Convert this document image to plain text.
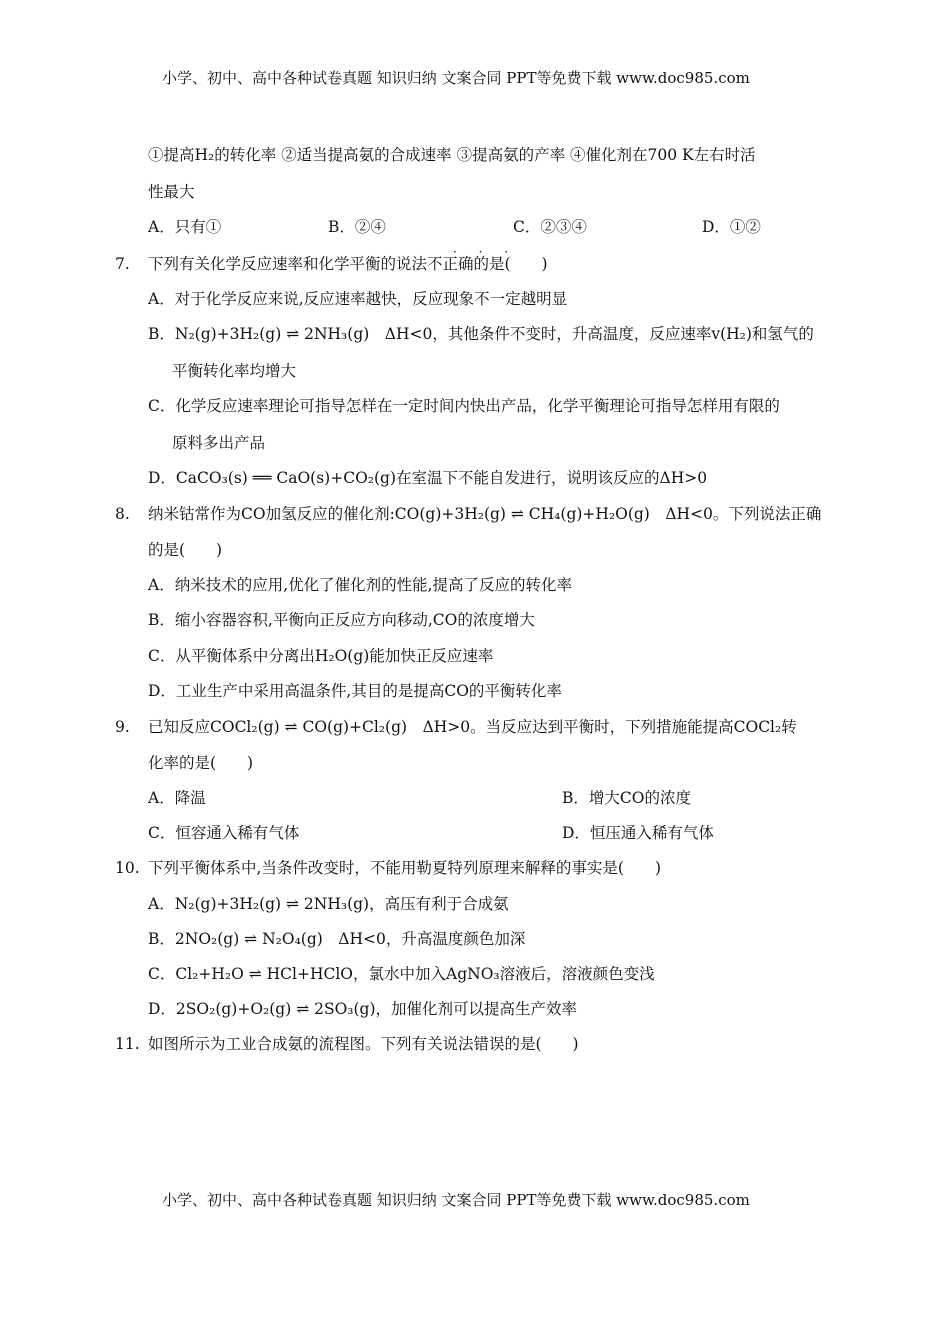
小学、初中、高中各种试卷真题 知识归纳 文案合同 PPT等免费下载 www.doc985.com
①提高H₂的转化率 ②适当提高氨的合成速率 ③提高氨的产率 ④催化剂在700 K左右时活
性最大
A．只有①	B．②④	C．②③④	D．①②
· · ·
7. 下列有关化学反应速率和化学平衡的说法不正确的是(　　)
A．对于化学反应来说,反应速率越快，反应现象不一定越明显
B．N₂(g)+3H₂(g) ⇌ 2NH₃(g)　ΔH<0，其他条件不变时，升高温度，反应速率v(H₂)和氢气的
平衡转化率均增大
C．化学反应速率理论可指导怎样在一定时间内快出产品，化学平衡理论可指导怎样用有限的
原料多出产品
D．CaCO₃(s) ══ CaO(s)+CO₂(g)在室温下不能自发进行，说明该反应的ΔH>0
8. 纳米钴常作为CO加氢反应的催化剂:CO(g)+3H₂(g) ⇌ CH₄(g)+H₂O(g)　ΔH<0。下列说法正确
的是(　　)
A．纳米技术的应用,优化了催化剂的性能,提高了反应的转化率
B．缩小容器容积,平衡向正反应方向移动,CO的浓度增大
C．从平衡体系中分离出H₂O(g)能加快正反应速率
D．工业生产中采用高温条件,其目的是提高CO的平衡转化率
9. 已知反应COCl₂(g) ⇌ CO(g)+Cl₂(g)　ΔH>0。当反应达到平衡时，下列措施能提高COCl₂转
化率的是(　　)
A．降温	B．增大CO的浓度
C．恒容通入稀有气体	D．恒压通入稀有气体
10. 下列平衡体系中,当条件改变时，不能用勒夏特列原理来解释的事实是(　　)
A．N₂(g)+3H₂(g) ⇌ 2NH₃(g)，高压有利于合成氨
B．2NO₂(g) ⇌ N₂O₄(g)　ΔH<0，升高温度颜色加深
C．Cl₂+H₂O ⇌ HCl+HClO，氯水中加入AgNO₃溶液后，溶液颜色变浅
D．2SO₂(g)+O₂(g) ⇌ 2SO₃(g)，加催化剂可以提高生产效率
11. 如图所示为工业合成氨的流程图。下列有关说法错误的是(　　)
小学、初中、高中各种试卷真题 知识归纳 文案合同 PPT等免费下载 www.doc985.com
